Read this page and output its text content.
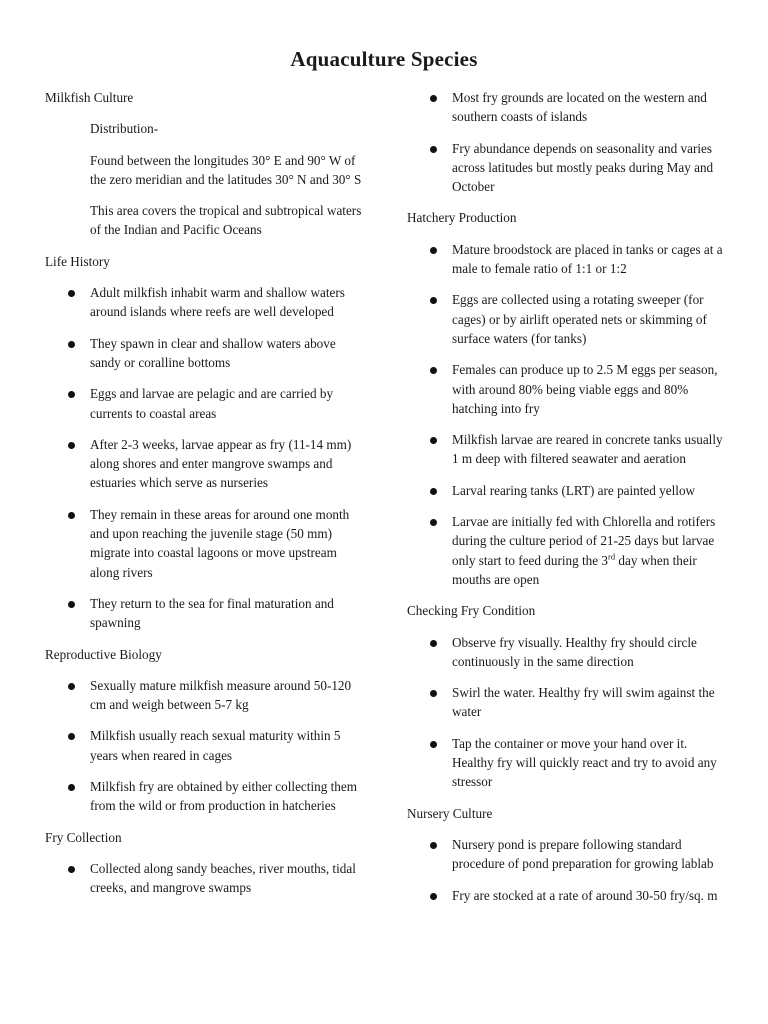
Aquaculture Species
Milkfish Culture
Distribution-
Found between the longitudes 30° E and 90° W of the zero meridian and the latitudes 30° N and 30° S
This area covers the tropical and subtropical waters of the Indian and Pacific Oceans
Life History
Adult milkfish inhabit warm and shallow waters around islands where reefs are well developed
They spawn in clear and shallow waters above sandy or coralline bottoms
Eggs and larvae are pelagic and are carried by currents to coastal areas
After 2-3 weeks, larvae appear as fry (11-14 mm) along shores and enter mangrove swamps and estuaries which serve as nurseries
They remain in these areas for around one month and upon reaching the juvenile stage (50 mm) migrate into coastal lagoons or move upstream along rivers
They return to the sea for final maturation and spawning
Reproductive Biology
Sexually mature milkfish measure around 50-120 cm and weigh between 5-7 kg
Milkfish usually reach sexual maturity within 5 years when reared in cages
Milkfish fry are obtained by either collecting them from the wild or from production in hatcheries
Fry Collection
Collected along sandy beaches, river mouths, tidal creeks, and mangrove swamps
Most fry grounds are located on the western and southern coasts of islands
Fry abundance depends on seasonality and varies across latitudes but mostly peaks during May and October
Hatchery Production
Mature broodstock are placed in tanks or cages at a male to female ratio of 1:1 or 1:2
Eggs are collected using a rotating sweeper (for cages) or by airlift operated nets or skimming of surface waters (for tanks)
Females can produce up to 2.5 M eggs per season, with around 80% being viable eggs and 80% hatching into fry
Milkfish larvae are reared in concrete tanks usually 1 m deep with filtered seawater and aeration
Larval rearing tanks (LRT) are painted yellow
Larvae are initially fed with Chlorella and rotifers during the culture period of 21-25 days but larvae only start to feed during the 3rd day when their mouths are open
Checking Fry Condition
Observe fry visually. Healthy fry should circle continuously in the same direction
Swirl the water. Healthy fry will swim against the water
Tap the container or move your hand over it. Healthy fry will quickly react and try to avoid any stressor
Nursery Culture
Nursery pond is prepare following standard procedure of pond preparation for growing lablab
Fry are stocked at a rate of around 30-50 fry/sq. m
